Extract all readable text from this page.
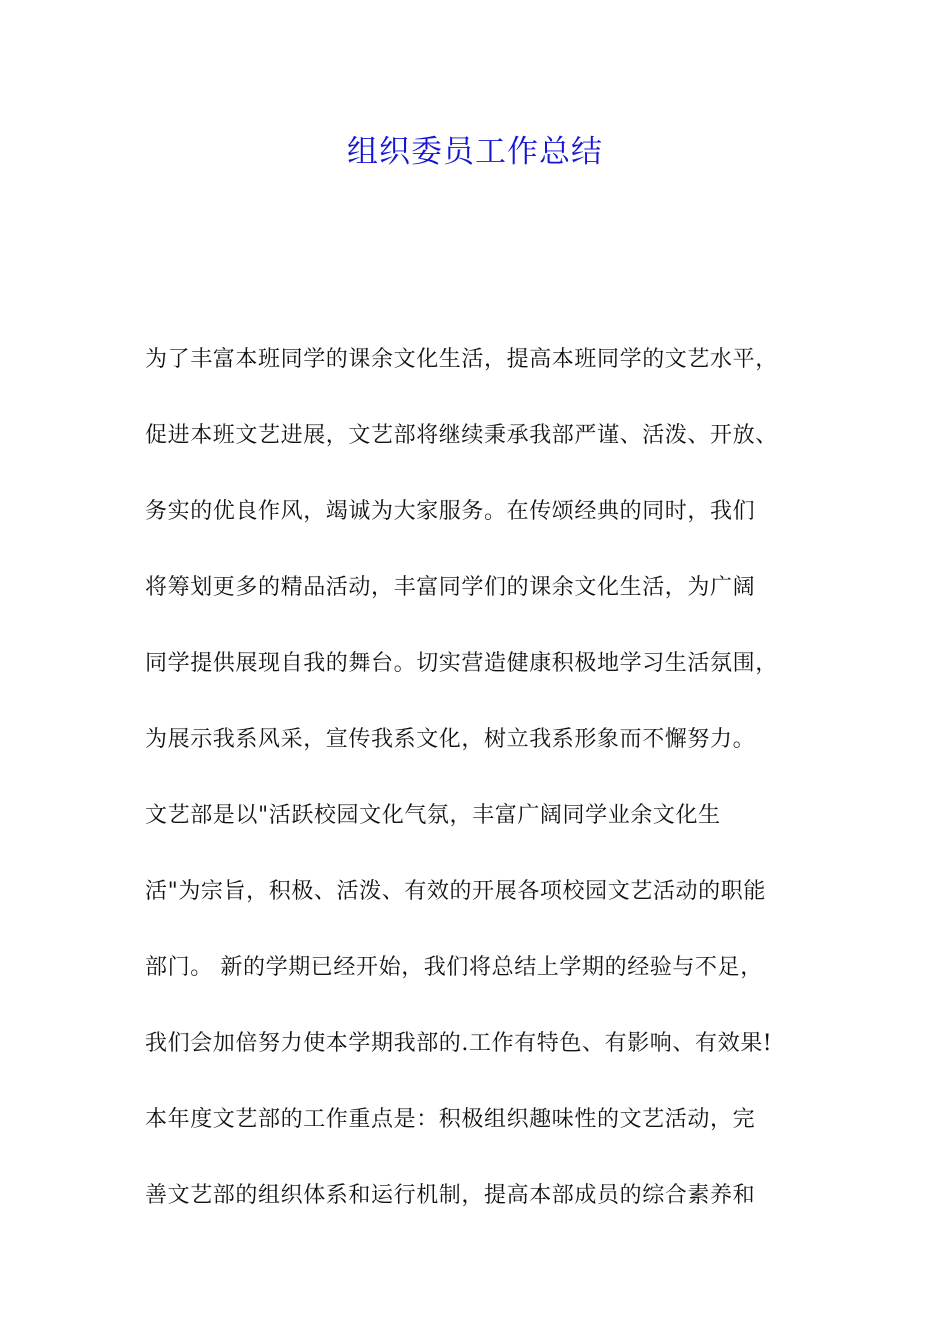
组织委员工作总结
为了丰富本班同学的课余文化生活，提高本班同学的文艺水平，
促进本班文艺进展，文艺部将继续秉承我部严谨、活泼、开放、
务实的优良作风，竭诚为大家服务。在传颂经典的同时，我们
将筹划更多的精品活动，丰富同学们的课余文化生活，为广阔
同学提供展现自我的舞台。切实营造健康积极地学习生活氛围，
为展示我系风采，宣传我系文化，树立我系形象而不懈努力。
文艺部是以"活跃校园文化气氛，丰富广阔同学业余文化生
活"为宗旨，积极、活泼、有效的开展各项校园文艺活动的职能
部门。 新的学期已经开始，我们将总结上学期的经验与不足，
我们会加倍努力使本学期我部的.工作有特色、有影响、有效果!
本年度文艺部的工作重点是：积极组织趣味性的文艺活动，完
善文艺部的组织体系和运行机制，提高本部成员的综合素养和
